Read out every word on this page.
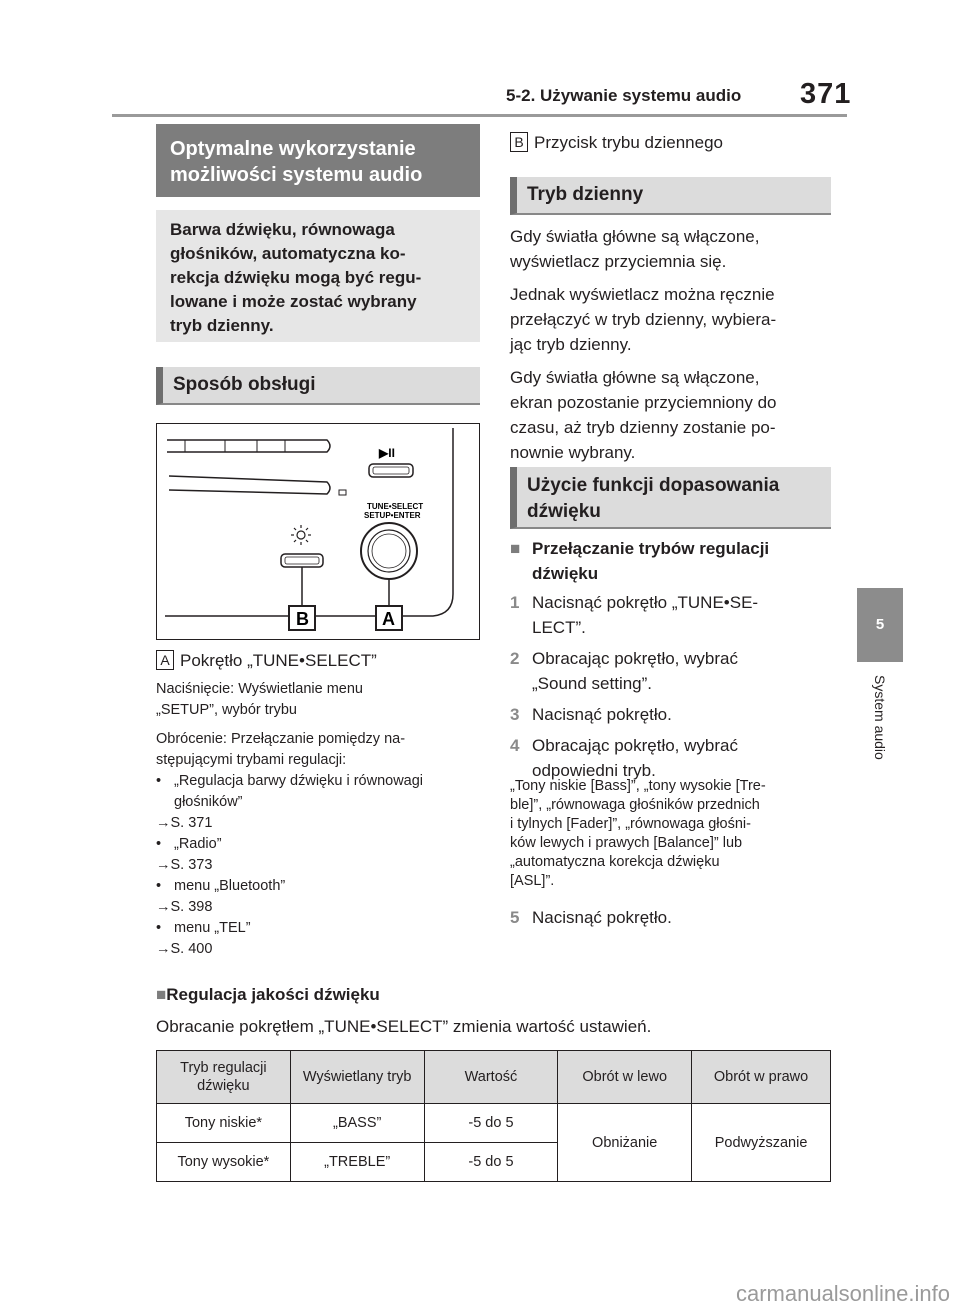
5-2. Używanie systemu audio 371
5
System audio
Optymalne wykorzystanie
możliwości systemu audio
Barwa dźwięku, równowaga
głośników, automatyczna ko-
rekcja dźwięku mogą być regu-
lowane i może zostać wybrany
tryb dzienny.
Sposób obsługi
▶II
TUNE•SELECT
SETUP•ENTER
B	A
A Pokrętło „TUNE•SELECT”
Naciśnięcie: Wyświetlanie menu
„SETUP”, wybór trybu
Obrócenie: Przełączanie pomiędzy na-
stępującymi trybami regulacji:
• „Regulacja barwy dźwięku i równowagi
głośników”
→S. 371
• „Radio”
→S. 373
• menu „Bluetooth”
→S. 398
• menu „TEL”
→S. 400
B Przycisk trybu dziennego
Tryb dzienny
Gdy światła główne są włączone,
wyświetlacz przyciemnia się.
Jednak wyświetlacz można ręcznie
przełączyć w tryb dzienny, wybiera-
jąc tryb dzienny.
Gdy światła główne są włączone,
ekran pozostanie przyciemniony do
czasu, aż tryb dzienny zostanie po-
nownie wybrany.
Użycie funkcji dopasowania
dźwięku
■ Przełączanie trybów regulacji
dźwięku
1 Nacisnąć pokrętło „TUNE•SE-
LECT”.
2 Obracając pokrętło, wybrać
„Sound setting”.
3 Nacisnąć pokrętło.
4 Obracając pokrętło, wybrać
odpowiedni tryb.
„Tony niskie [Bass]”, „tony wysokie [Tre-
ble]”, „równowaga głośników przednich
i tylnych [Fader]”, „równowaga głośni-
ków lewych i prawych [Balance]” lub
„automatyczna korekcja dźwięku
[ASL]”.
5 Nacisnąć pokrętło.
■Regulacja jakości dźwięku
Obracanie pokrętłem „TUNE•SELECT” zmienia wartość ustawień.
Tryb regulacji dźwięku	Wyświetlany tryb	Wartość	Obrót w lewo	Obrót w prawo
Tony niskie*	„BASS”	-5 do 5	Obniżanie	Podwyższanie
Tony wysokie*	„TREBLE”	-5 do 5		
carmanualsonline.info
